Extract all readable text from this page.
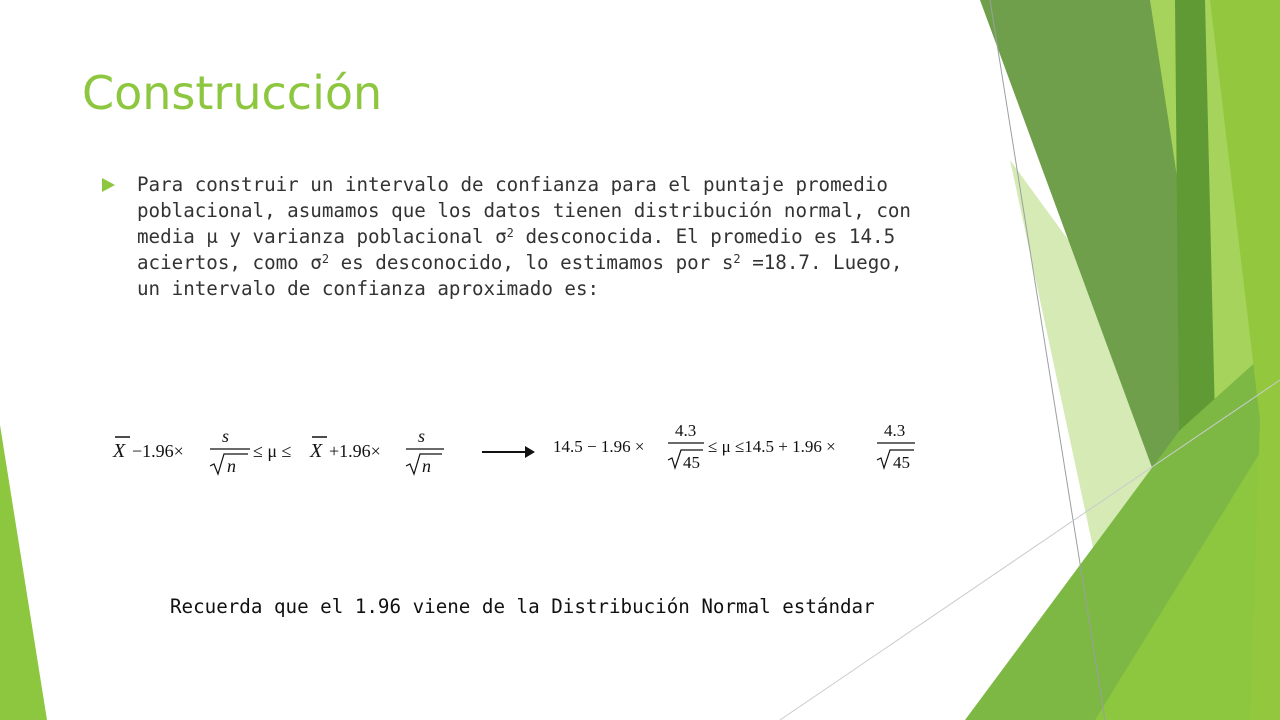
Construcción
Para construir un intervalo de confianza para el puntaje promedio poblacional, asumamos que los datos tienen distribución normal, con media μ y varianza poblacional $\sigma^2$ desconocida. El promedio es 14.5 aciertos, como $\sigma^2$ es desconocido, lo estimamos por $s^2 =18.7$. Luego, un intervalo de confianza aproximado es:
X −1.96×
s
n
≤ μ ≤ X +1.96×
s
n
14.5 − 1.96 ×
4.3
45
≤ μ ≤14.5 + 1.96 ×
4.3
45
Recuerda que el 1.96 viene de la Distribución Normal estándar
